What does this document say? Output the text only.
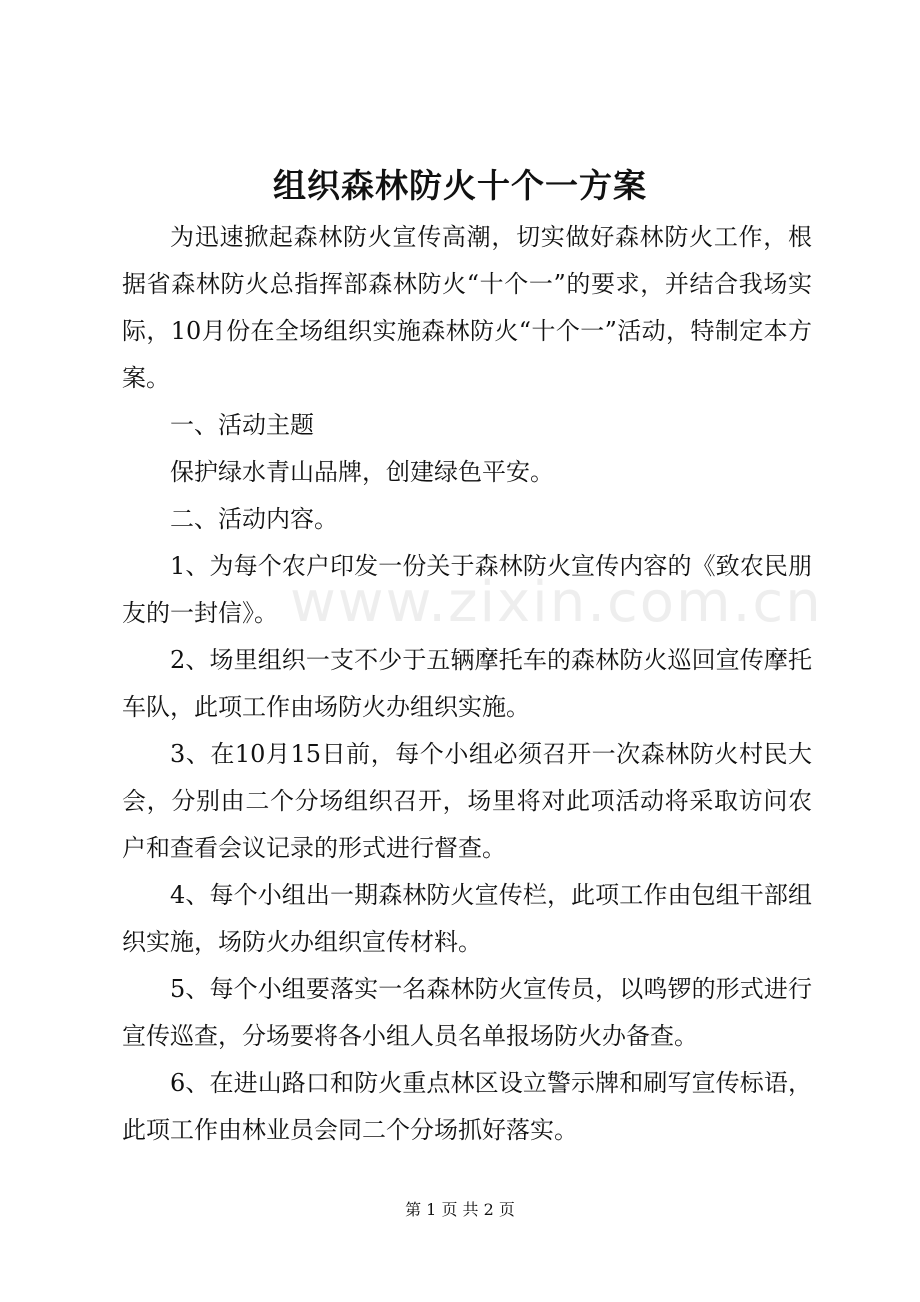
组织森林防火十个一方案

为迅速掀起森林防火宣传高潮，切实做好森林防火工作，根据省森林防火总指挥部森林防火“十个一”的要求，并结合我场实际，10月份在全场组织实施森林防火“十个一”活动，特制定本方案。

一、活动主题

保护绿水青山品牌，创建绿色平安。

二、活动内容。

1、为每个农户印发一份关于森林防火宣传内容的《致农民朋友的一封信》。

2、场里组织一支不少于五辆摩托车的森林防火巡回宣传摩托车队，此项工作由场防火办组织实施。

3、在10月15日前，每个小组必须召开一次森林防火村民大会，分别由二个分场组织召开，场里将对此项活动将采取访问农户和查看会议记录的形式进行督查。

4、每个小组出一期森林防火宣传栏，此项工作由包组干部组织实施，场防火办组织宣传材料。

5、每个小组要落实一名森林防火宣传员，以鸣锣的形式进行宣传巡查，分场要将各小组人员名单报场防火办备查。

6、在进山路口和防火重点林区设立警示牌和刷写宣传标语，此项工作由林业员会同二个分场抓好落实。

www.zixin.com.cn
第 1 页 共 2 页
